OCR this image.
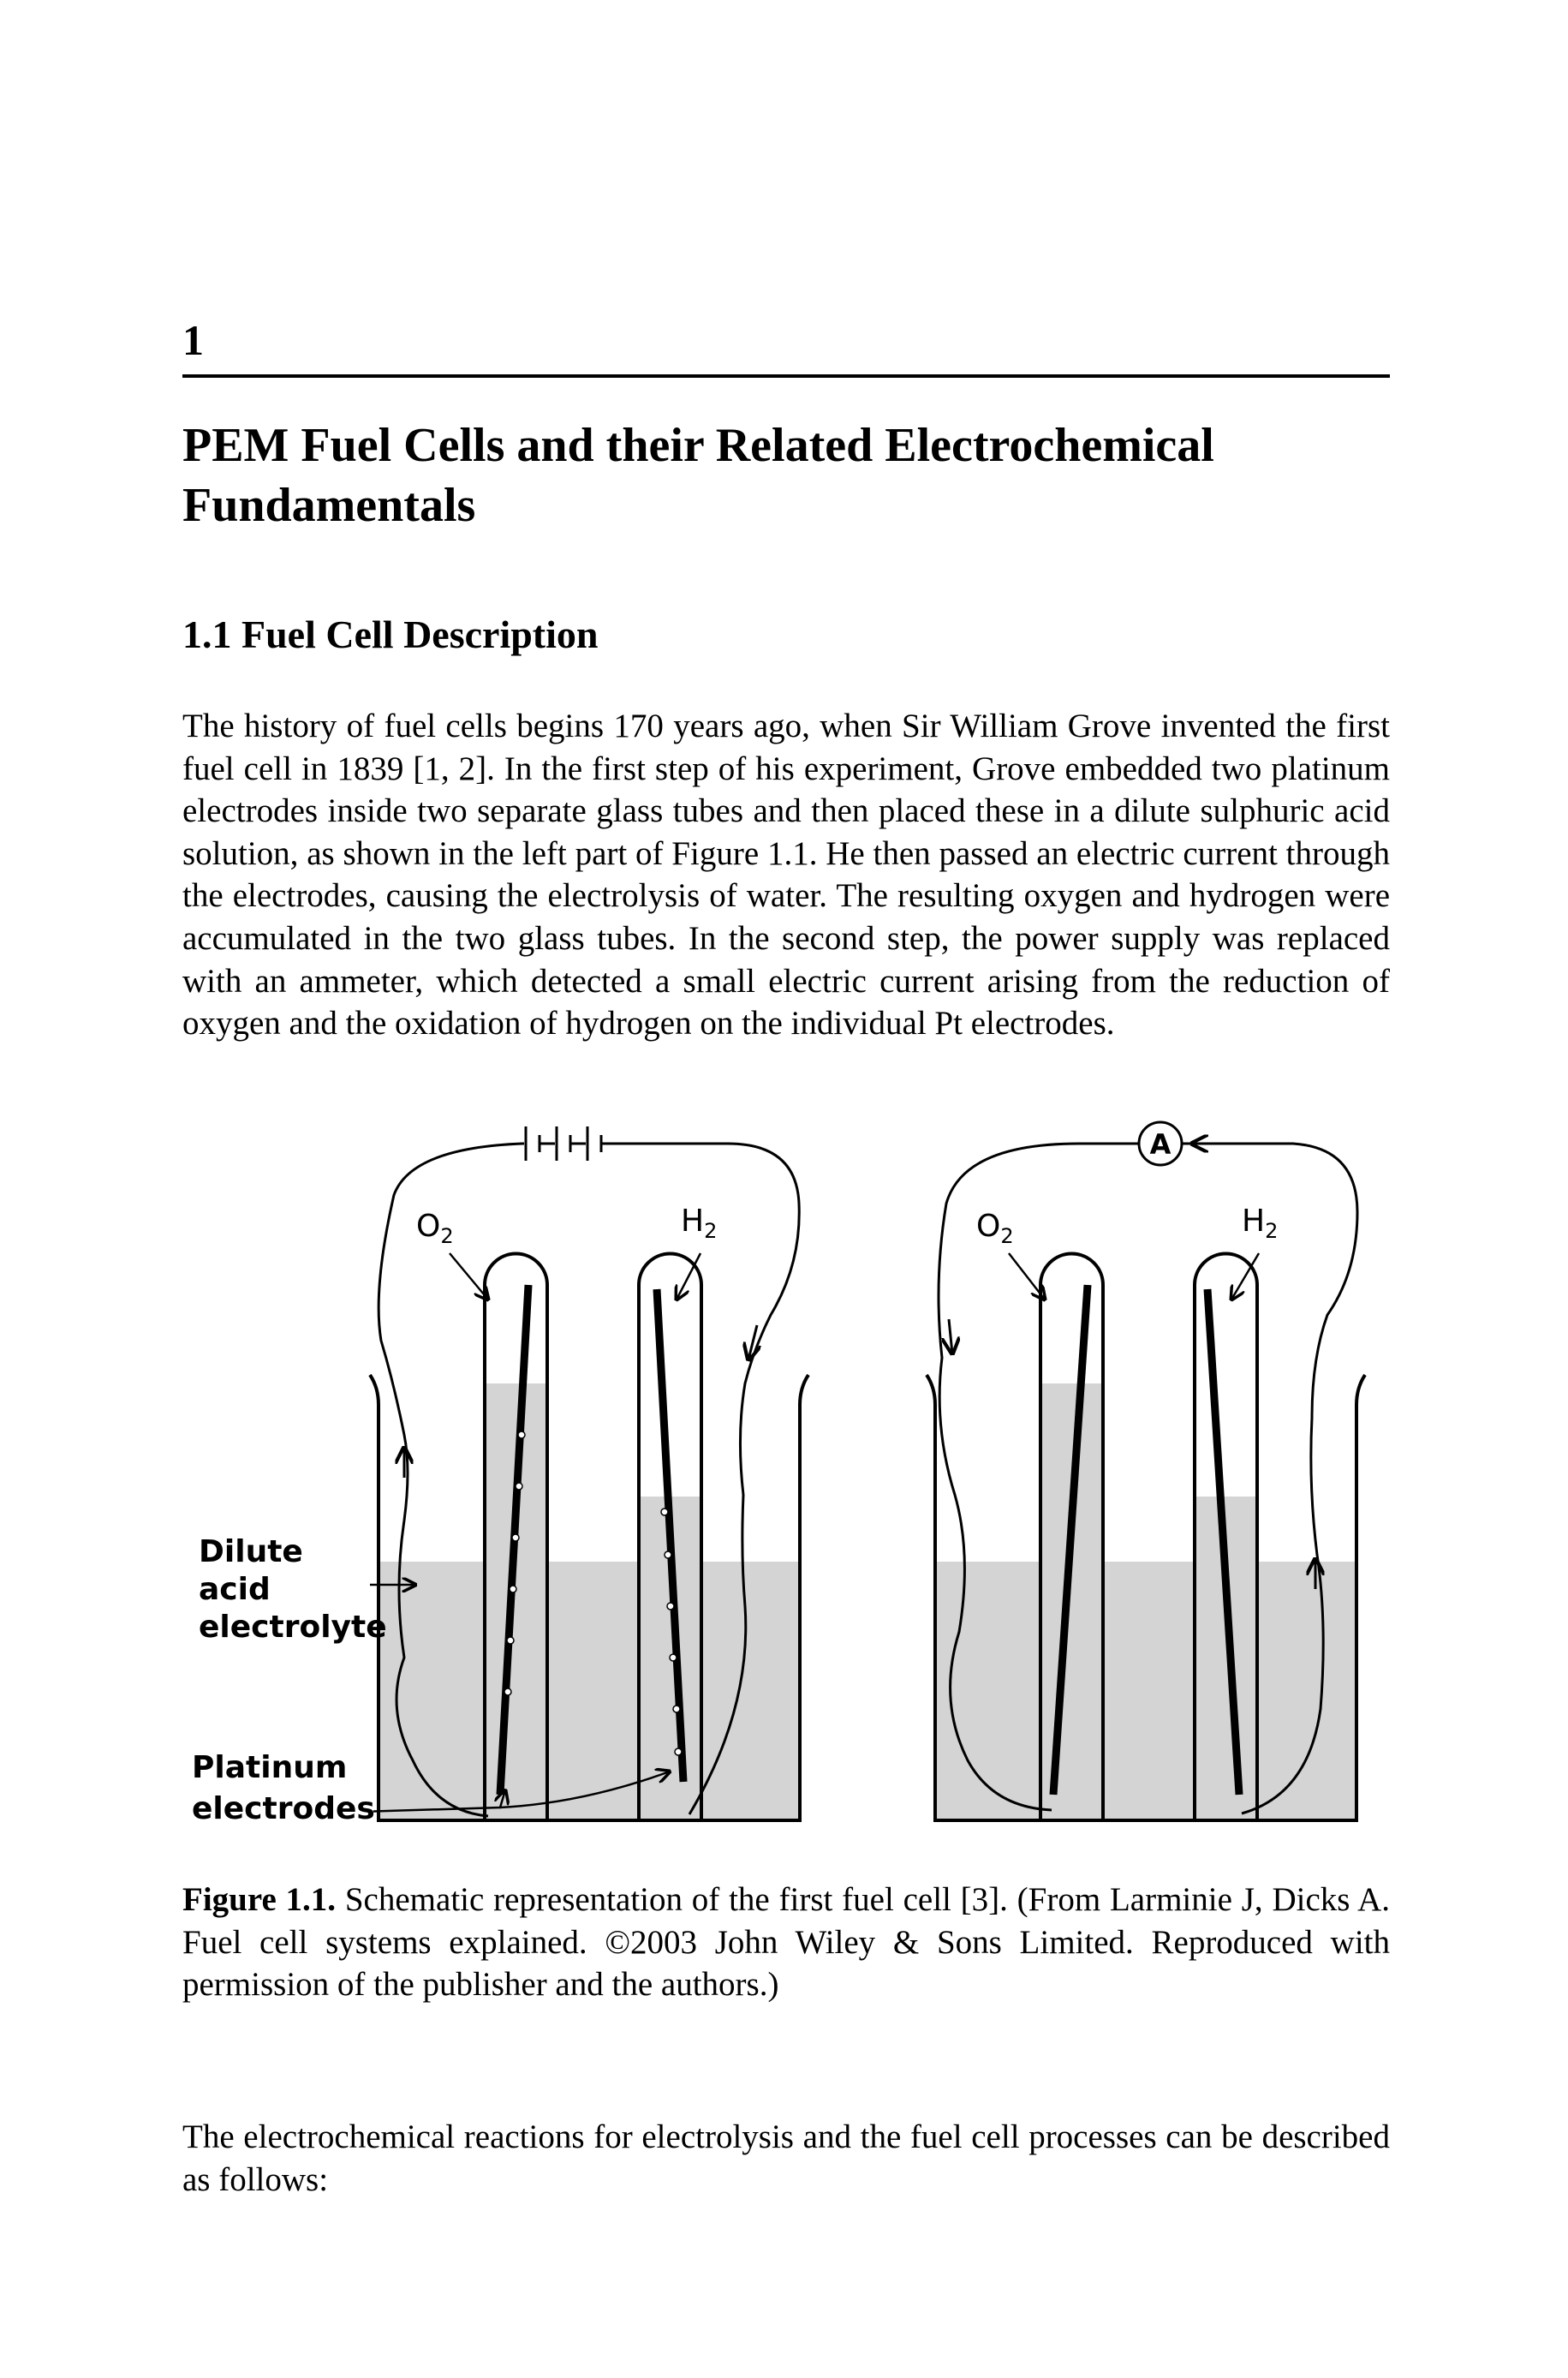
1
PEM Fuel Cells and their Related Electrochemical Fundamentals
1.1 Fuel Cell Description

The history of fuel cells begins 170 years ago, when Sir William Grove invented the first fuel cell in 1839 [1, 2]. In the first step of his experiment, Grove embedded two platinum electrodes inside two separate glass tubes and then placed these in a dilute sulphuric acid solution, as shown in the left part of Figure 1.1. He then passed an electric current through the electrodes, causing the electrolysis of water. The resulting oxygen and hydrogen were accumulated in the two glass tubes. In the second step, the power supply was replaced with an ammeter, which detected a small electric current arising from the reduction of oxygen and the oxidation of hydrogen on the individual Pt electrodes.

$O_2$	$H_2$
Dilute
acid
electrolyte
Platinum
electrodes
A
$O_2$	$H_2$

Figure 1.1. Schematic representation of the first fuel cell [3]. (From Larminie J, Dicks A. Fuel cell systems explained. ©2003 John Wiley & Sons Limited. Reproduced with permission of the publisher and the authors.)

The electrochemical reactions for electrolysis and the fuel cell processes can be described as follows:
